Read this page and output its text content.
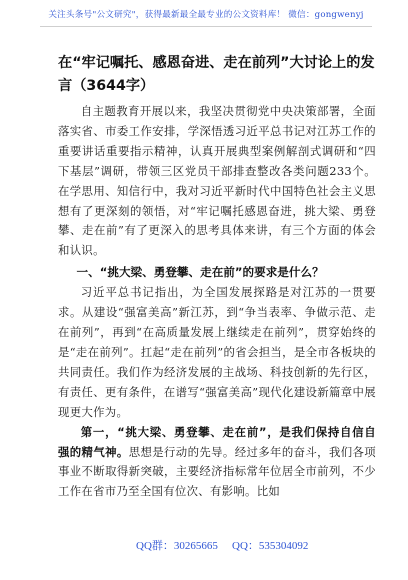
关注头条号"公文研究"，获得最新最全最专业的公文资料库！ 微信：gongwenyj
在“牢记嘱托、感恩奋进、走在前列”大讨论上的发言（3644字）

自主题教育开展以来，我坚决贯彻党中央决策部署，全面落实省、市委工作安排，学深悟透习近平总书记对江苏工作的重要讲话重要指示精神，认真开展典型案例解剖式调研和“四下基层”调研，带领三区党员干部排查整改各类问题233个。在学思用、知信行中，我对习近平新时代中国特色社会主义思想有了更深刻的领悟，对“牢记嘱托感恩奋进，挑大梁、勇登攀、走在前”有了更深入的思考具体来讲，有三个方面的体会和认识。

一、“挑大梁、勇登攀、走在前”的要求是什么？

习近平总书记指出，为全国发展探路是对江苏的一贯要求。从建设“强富美高”新江苏，到“争当表率、争做示范、走在前列”，再到“在高质量发展上继续走在前列”，贯穿始终的是“走在前列”。扛起“走在前列”的省会担当，是全市各板块的共同责任。我们作为经济发展的主战场、科技创新的先行区，有责任、更有条件，在谱写“强富美高”现代化建设新篇章中展现更大作为。

第一，“挑大梁、勇登攀、走在前”，是我们保持自信自强的精气神。思想是行动的先导。经过多年的奋斗，我们各项事业不断取得新突破，主要经济指标常年位居全市前列，不少工作在省市乃至全国有位次、有影响。比如

QQ群：30265665 QQ：535304092
